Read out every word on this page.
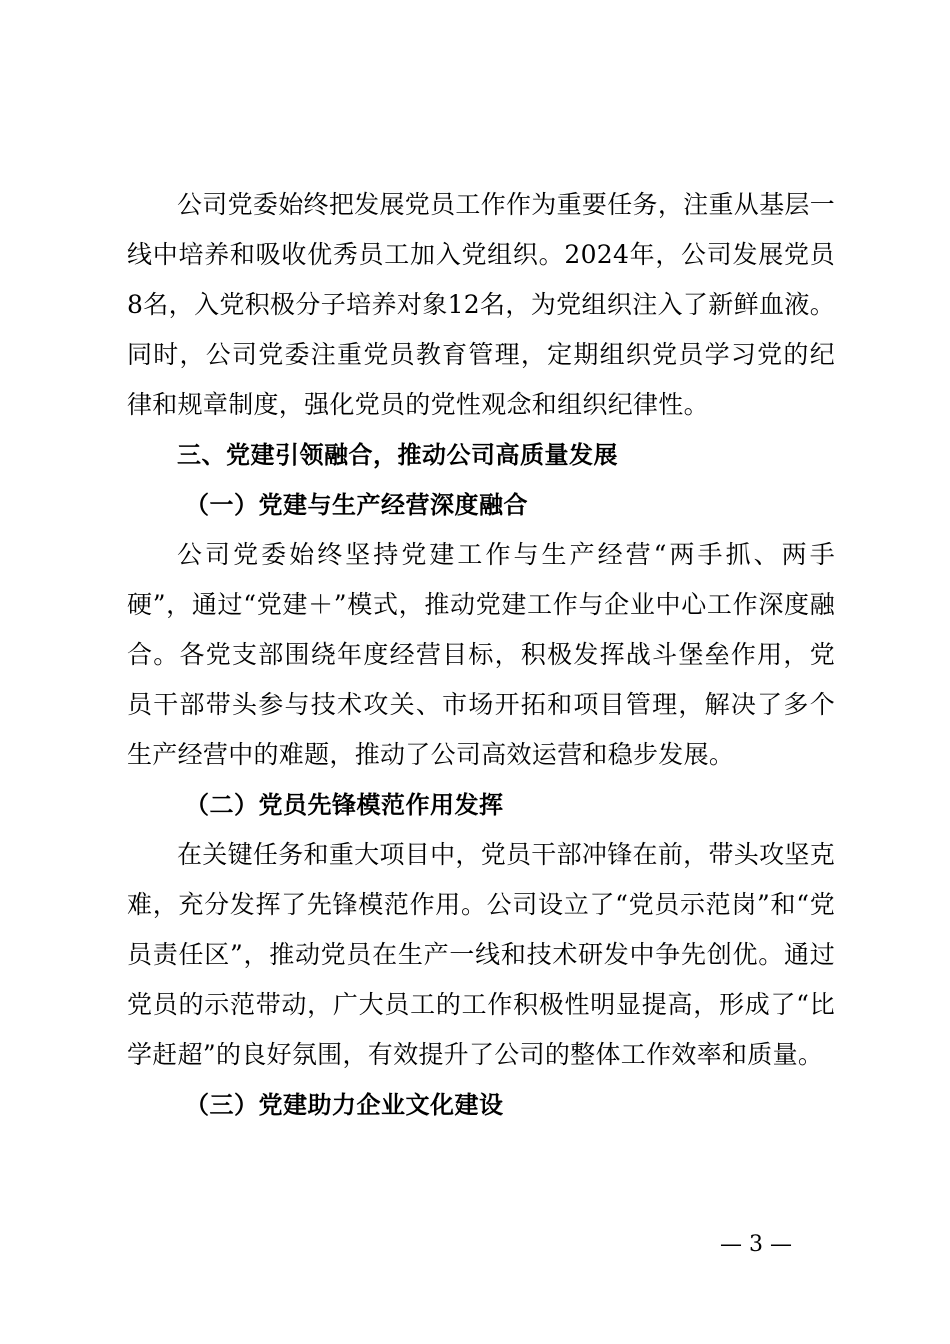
公司党委始终把发展党员工作作为重要任务，注重从基层一线中培养和吸收优秀员工加入党组织。2024年，公司发展党员8名，入党积极分子培养对象12名，为党组织注入了新鲜血液。同时，公司党委注重党员教育管理，定期组织党员学习党的纪律和规章制度，强化党员的党性观念和组织纪律性。

三、党建引领融合，推动公司高质量发展

（一）党建与生产经营深度融合

公司党委始终坚持党建工作与生产经营“两手抓、两手硬”，通过“党建＋”模式，推动党建工作与企业中心工作深度融合。各党支部围绕年度经营目标，积极发挥战斗堡垒作用，党员干部带头参与技术攻关、市场开拓和项目管理，解决了多个生产经营中的难题，推动了公司高效运营和稳步发展。

（二）党员先锋模范作用发挥

在关键任务和重大项目中，党员干部冲锋在前，带头攻坚克难，充分发挥了先锋模范作用。公司设立了“党员示范岗”和“党员责任区”，推动党员在生产一线和技术研发中争先创优。通过党员的示范带动，广大员工的工作积极性明显提高，形成了“比学赶超”的良好氛围，有效提升了公司的整体工作效率和质量。

（三）党建助力企业文化建设

— 3 —
